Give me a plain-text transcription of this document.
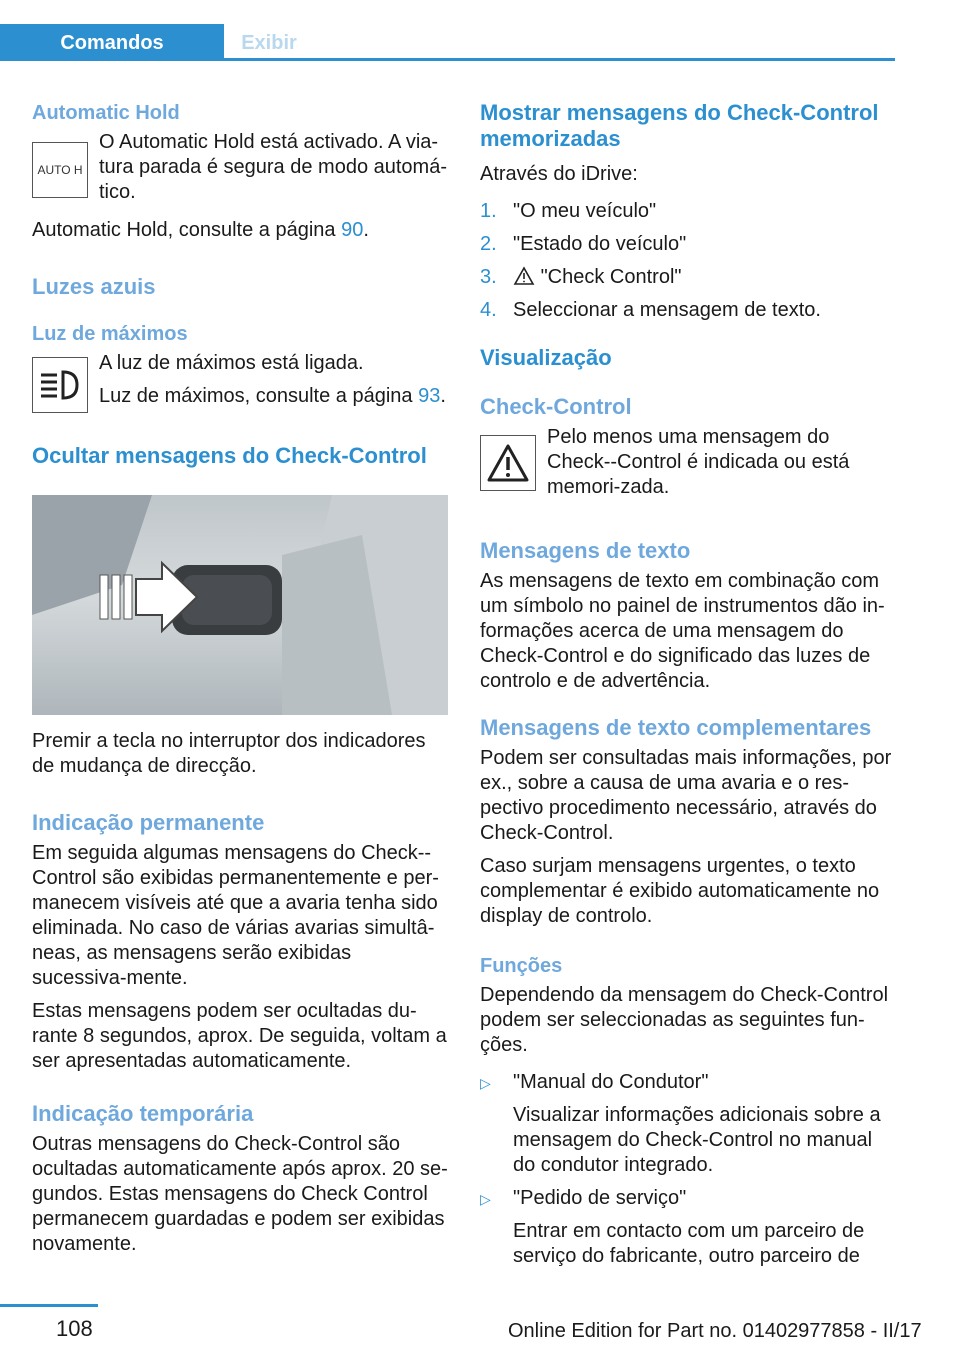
Comandos	Exibir

Automatic Hold

AUTO H

O Automatic Hold está activado. A via-tura parada é segura de modo automá-tico.

Automatic Hold, consulte a página 90.

Luzes azuis

Luz de máximos

A luz de máximos está ligada.

Luz de máximos, consulte a página 93.

Ocultar mensagens do Check-Control

Premir a tecla no interruptor dos indicadores de mudança de direcção.

Indicação permanente

Em seguida algumas mensagens do Check--Control são exibidas permanentemente e per-manecem visíveis até que a avaria tenha sido eliminada. No caso de várias avarias simultâ-neas, as mensagens serão exibidas sucessiva-mente.

Estas mensagens podem ser ocultadas du-rante 8 segundos, aprox. De seguida, voltam a ser apresentadas automaticamente.

Indicação temporária

Outras mensagens do Check-Control são ocultadas automaticamente após aprox. 20 se-gundos. Estas mensagens do Check Control permanecem guardadas e podem ser exibidas novamente.

Mostrar mensagens do Check-Control memorizadas

Através do iDrive:

1. "O meu veículo"
2. "Estado do veículo"
3. "Check Control"
4. Seleccionar a mensagem de texto.

Visualização

Check-Control

Pelo menos uma mensagem do Check--Control é indicada ou está memori-zada.

Mensagens de texto

As mensagens de texto em combinação com um símbolo no painel de instrumentos dão in-formações acerca de uma mensagem do Check-Control e do significado das luzes de controlo e de advertência.

Mensagens de texto complementares

Podem ser consultadas mais informações, por ex., sobre a causa de uma avaria e o res-pectivo procedimento necessário, através do Check-Control.

Caso surjam mensagens urgentes, o texto complementar é exibido automaticamente no display de controlo.

Funções

Dependendo da mensagem do Check-Control podem ser seleccionadas as seguintes fun-ções.

▷ "Manual do Condutor"

Visualizar informações adicionais sobre a mensagem do Check-Control no manual do condutor integrado.

▷ "Pedido de serviço"

Entrar em contacto com um parceiro de serviço do fabricante, outro parceiro de

108	Online Edition for Part no. 01402977858 - II/17
